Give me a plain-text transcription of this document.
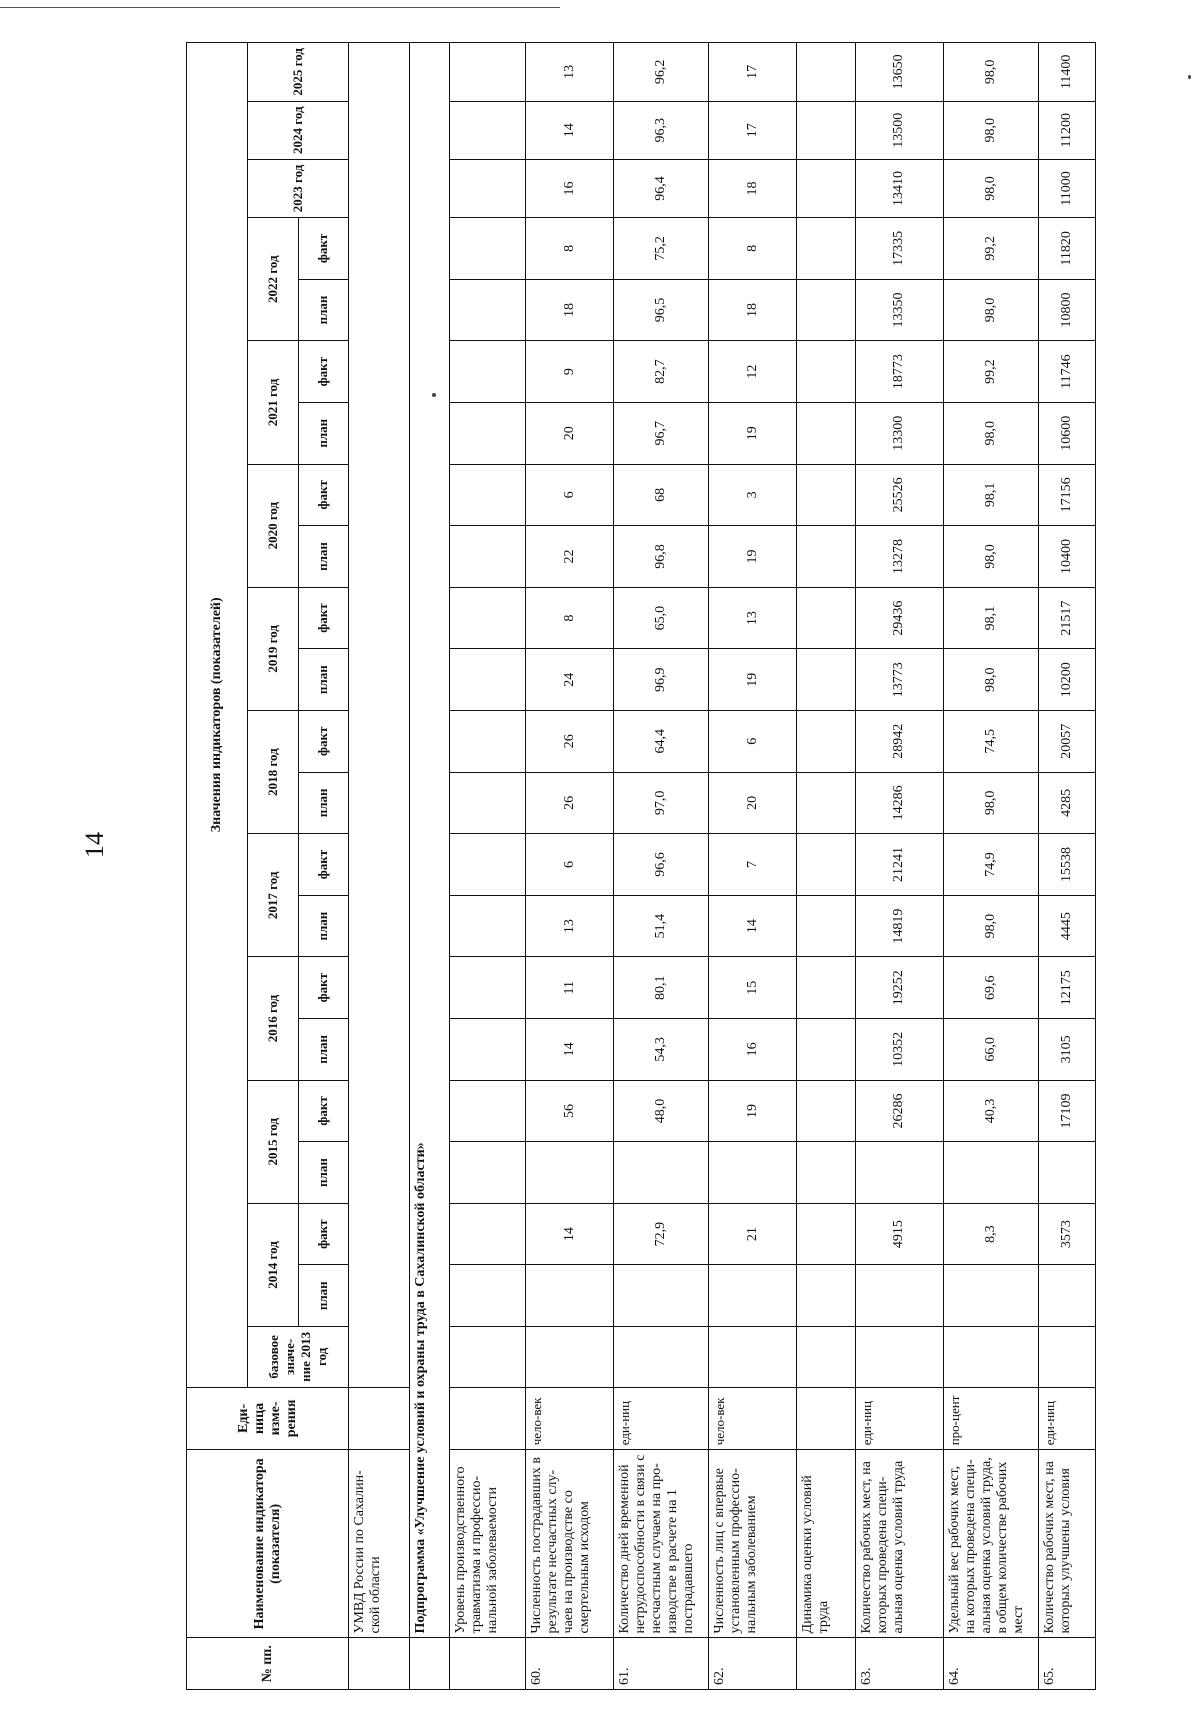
14
№ пп.	Наименование индикатора (показателя)	Еди-ница изме-рения	Значения индикаторов (показателей)																					
			базовое значе-ние 2013 год	2014 год		2015 год		2016 год		2017 год		2018 год		2019 год		2020 год		2021 год		2022 год		2023 год	2024 год	2025 год
				план	факт	план	факт	план	факт	план	факт	план	факт	план	факт	план	факт	план	факт	план	факт			
	УМВД России по Сахалин-ской области																							
	Подпрограмма «Улучшение условий и охраны труда в Сахалинской области»																							
	Уровень производственного травматизма и профессио-нальной заболеваемости																							
60.	Численность пострадавших в результате несчастных слу-чаев на производстве со смертельным исходом	чело-век			14		56	14	11	13	6	26	26	24	8	22	6	20	9	18	8	16	14	13
61.	Количество дней временной нетрудоспособности в связи с несчастным случаем на про-изводстве в расчете на 1 пострадавшего	еди-ниц			72,9		48,0	54,3	80,1	51,4	96,6	97,0	64,4	96,9	65,0	96,8	68	96,7	82,7	96,5	75,2	96,4	96,3	96,2
62.	Численность лиц с впервые установленным профессио-нальным заболеванием	чело-век			21		19	16	15	14	7	20	6	19	13	19	3	19	12	18	8	18	17	17
	Динамика оценки условий труда																							
63.	Количество рабочих мест, на которых проведена специ-альная оценка условий труда	еди-ниц			4915		26286	10352	19252	14819	21241	14286	28942	13773	29436	13278	25526	13300	18773	13350	17335	13410	13500	13650
64.	Удельный вес рабочих мест, на которых проведена специ-альная оценка условий труда, в общем количестве рабочих мест	про-цент			8,3		40,3	66,0	69,6	98,0	74,9	98,0	74,5	98,0	98,1	98,0	98,1	98,0	99,2	98,0	99,2	98,0	98,0	98,0
65.	Количество рабочих мест, на которых улучшены условия	еди-ниц			3573		17109	3105	12175	4445	15538	4285	20057	10200	21517	10400	17156	10600	11746	10800	11820	11000	11200	11400
